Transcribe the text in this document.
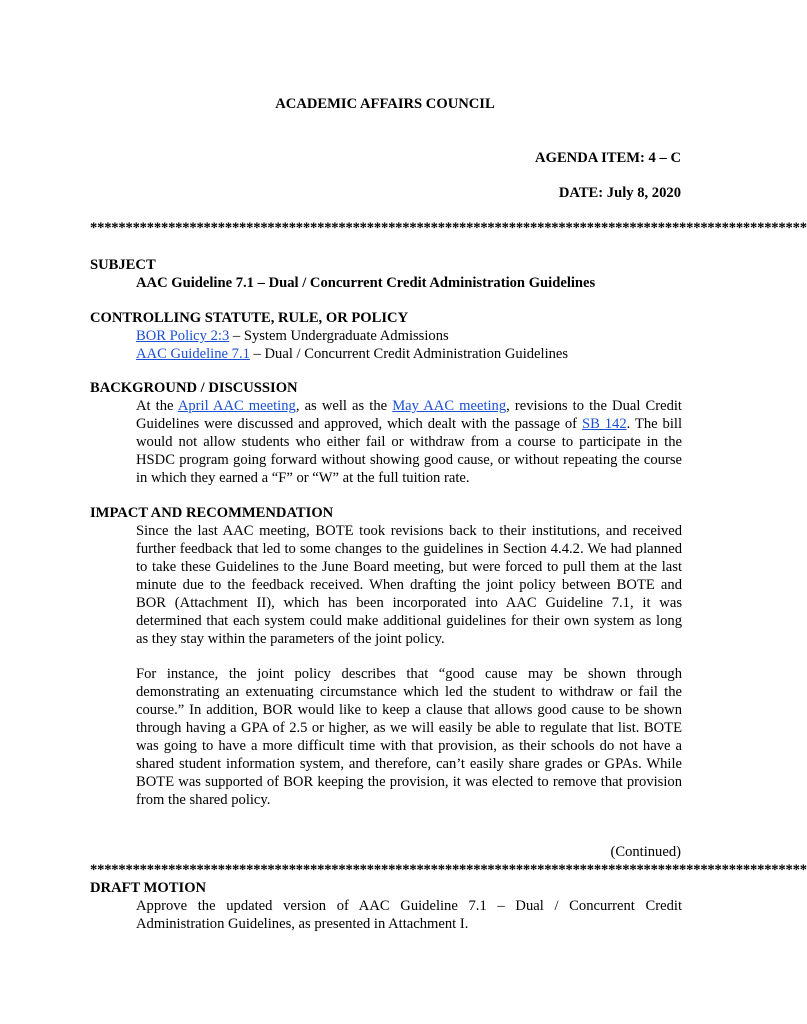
ACADEMIC AFFAIRS COUNCIL
AGENDA ITEM: 4 – C
DATE: July 8, 2020
*****************************************************************************************************
SUBJECT
AAC Guideline 7.1 – Dual / Concurrent Credit Administration Guidelines
CONTROLLING STATUTE, RULE, OR POLICY
BOR Policy 2:3 – System Undergraduate Admissions
AAC Guideline 7.1 – Dual / Concurrent Credit Administration Guidelines
BACKGROUND / DISCUSSION
At the April AAC meeting, as well as the May AAC meeting, revisions to the Dual Credit Guidelines were discussed and approved, which dealt with the passage of SB 142. The bill would not allow students who either fail or withdraw from a course to participate in the HSDC program going forward without showing good cause, or without repeating the course in which they earned a “F” or “W” at the full tuition rate.
IMPACT AND RECOMMENDATION

Since the last AAC meeting, BOTE took revisions back to their institutions, and received further feedback that led to some changes to the guidelines in Section 4.4.2. We had planned to take these Guidelines to the June Board meeting, but were forced to pull them at the last minute due to the feedback received. When drafting the joint policy between BOTE and BOR (Attachment II), which has been incorporated into AAC Guideline 7.1, it was determined that each system could make additional guidelines for their own system as long as they stay within the parameters of the joint policy.

For instance, the joint policy describes that “good cause may be shown through demonstrating an extenuating circumstance which led the student to withdraw or fail the course.” In addition, BOR would like to keep a clause that allows good cause to be shown through having a GPA of 2.5 or higher, as we will easily be able to regulate that list. BOTE was going to have a more difficult time with that provision, as their schools do not have a shared student information system, and therefore, can’t easily share grades or GPAs. While BOTE was supported of BOR keeping the provision, it was elected to remove that provision from the shared policy.

(Continued)
*****************************************************************************************************
DRAFT MOTION
Approve the updated version of AAC Guideline 7.1 – Dual / Concurrent Credit Administration Guidelines, as presented in Attachment I.
